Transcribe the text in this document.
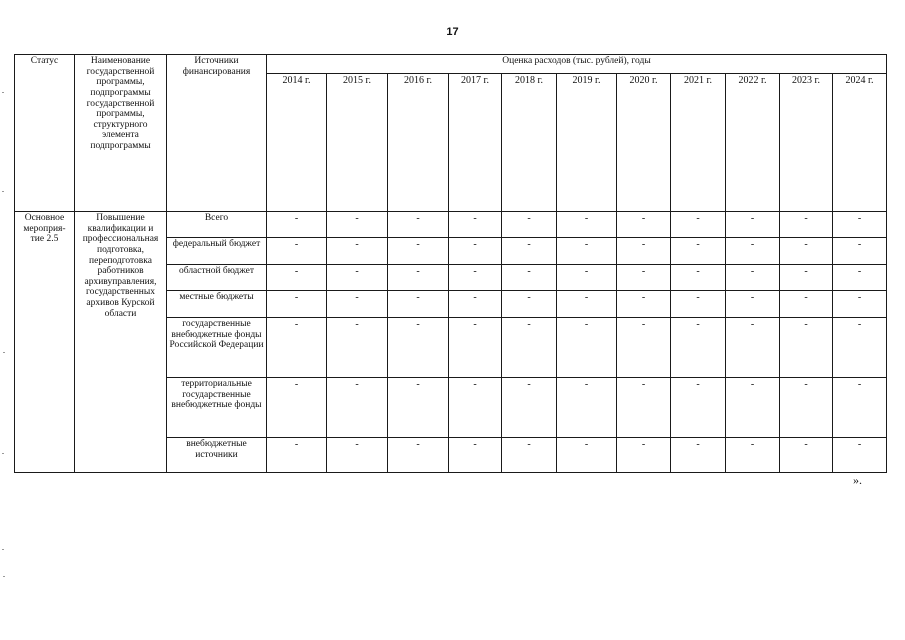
17
Статус	Наименование государственной программы, подпрограммы государственной программы, структурного элемента подпрограммы	Источники финансирования	Оценка расходов (тыс. рублей), годы										
			2014 г.	2015 г.	2016 г.	2017 г.	2018 г.	2019 г.	2020 г.	2021 г.	2022 г.	2023 г.	2024 г.
Основное мероприя-тие 2.5	Повышение квалификации и профессиональная подготовка, переподготовка работников архивуправления, государственных архивов Курской области	Всего	-	-	-	-	-	-	-	-	-	-	-
		федеральный бюджет	-	-	-	-	-	-	-	-	-	-	-
		областной бюджет	-	-	-	-	-	-	-	-	-	-	-
		местные бюджеты	-	-	-	-	-	-	-	-	-	-	-
		государственные внебюджетные фонды Российской Федерации	-	-	-	-	-	-	-	-	-	-	-
		территориальные государственные внебюджетные фонды	-	-	-	-	-	-	-	-	-	-	-
		внебюджетные источники	-	-	-	-	-	-	-	-	-	-	-
».
